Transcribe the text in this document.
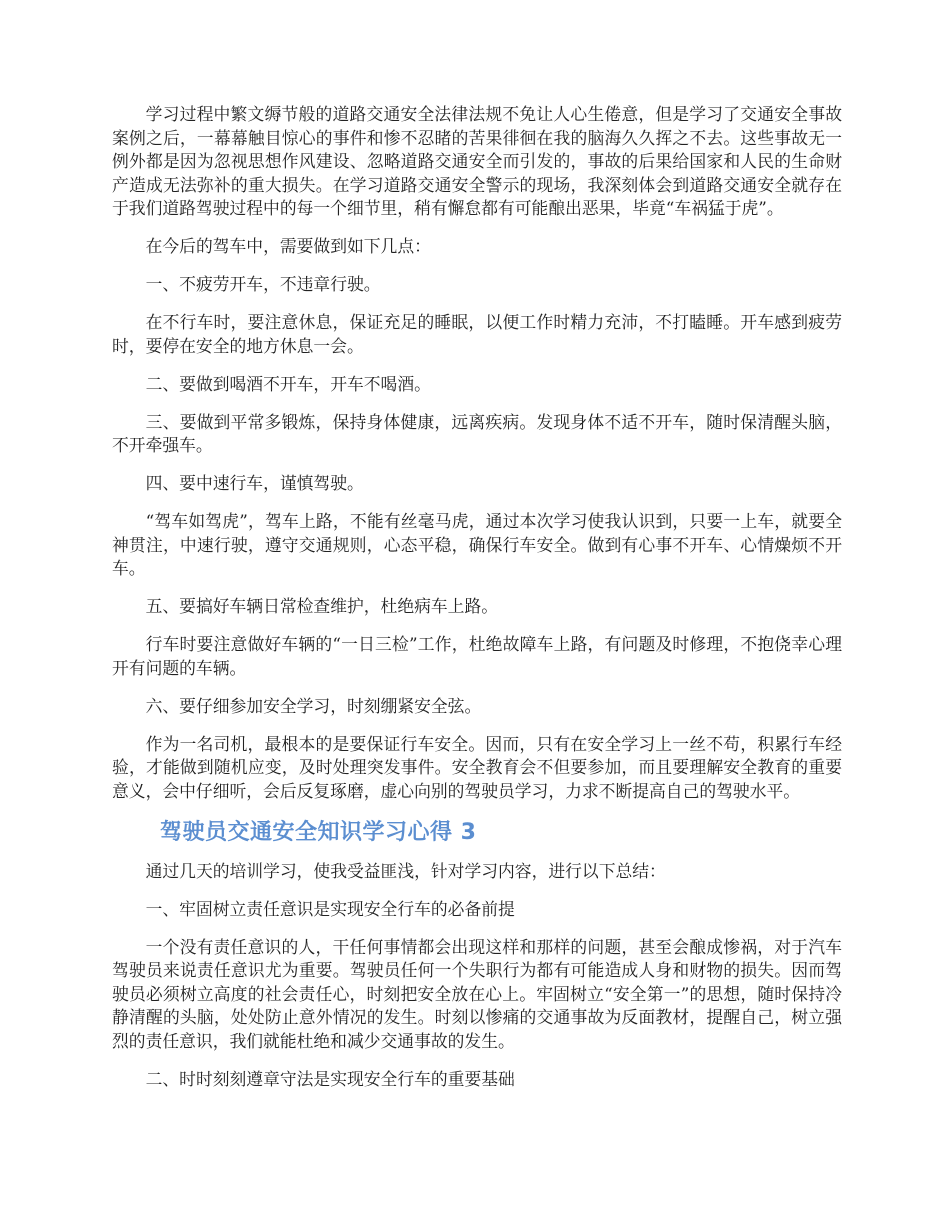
学习过程中繁文缛节般的道路交通安全法律法规不免让人心生倦意，但是学习了交通安全事故案例之后，一幕幕触目惊心的事件和惨不忍睹的苦果徘徊在我的脑海久久挥之不去。这些事故无一例外都是因为忽视思想作风建设、忽略道路交通安全而引发的，事故的后果给国家和人民的生命财产造成无法弥补的重大损失。在学习道路交通安全警示的现场，我深刻体会到道路交通安全就存在于我们道路驾驶过程中的每一个细节里，稍有懈怠都有可能酿出恶果，毕竟“车祸猛于虎”。

在今后的驾车中，需要做到如下几点：

一、不疲劳开车，不违章行驶。

在不行车时，要注意休息，保证充足的睡眠，以便工作时精力充沛，不打瞌睡。开车感到疲劳时，要停在安全的地方休息一会。

二、要做到喝酒不开车，开车不喝酒。

三、要做到平常多锻炼，保持身体健康，远离疾病。发现身体不适不开车，随时保清醒头脑，不开牵强车。

四、要中速行车，谨慎驾驶。

“驾车如驾虎”，驾车上路，不能有丝毫马虎，通过本次学习使我认识到，只要一上车，就要全神贯注，中速行驶，遵守交通规则，心态平稳，确保行车安全。做到有心事不开车、心情燥烦不开车。

五、要搞好车辆日常检查维护，杜绝病车上路。

行车时要注意做好车辆的“一日三检”工作，杜绝故障车上路，有问题及时修理，不抱侥幸心理开有问题的车辆。

六、要仔细参加安全学习，时刻绷紧安全弦。

作为一名司机，最根本的是要保证行车安全。因而，只有在安全学习上一丝不苟，积累行车经验，才能做到随机应变，及时处理突发事件。安全教育会不但要参加，而且要理解安全教育的重要意义，会中仔细听，会后反复琢磨，虚心向别的驾驶员学习，力求不断提高自己的驾驶水平。

驾驶员交通安全知识学习心得 3

通过几天的培训学习，使我受益匪浅，针对学习内容，进行以下总结：

一、牢固树立责任意识是实现安全行车的必备前提

一个没有责任意识的人，干任何事情都会出现这样和那样的问题，甚至会酿成惨祸，对于汽车驾驶员来说责任意识尤为重要。驾驶员任何一个失职行为都有可能造成人身和财物的损失。因而驾驶员必须树立高度的社会责任心，时刻把安全放在心上。牢固树立“安全第一”的思想，随时保持冷静清醒的头脑，处处防止意外情况的发生。时刻以惨痛的交通事故为反面教材，提醒自己，树立强烈的责任意识，我们就能杜绝和减少交通事故的发生。

二、时时刻刻遵章守法是实现安全行车的重要基础
